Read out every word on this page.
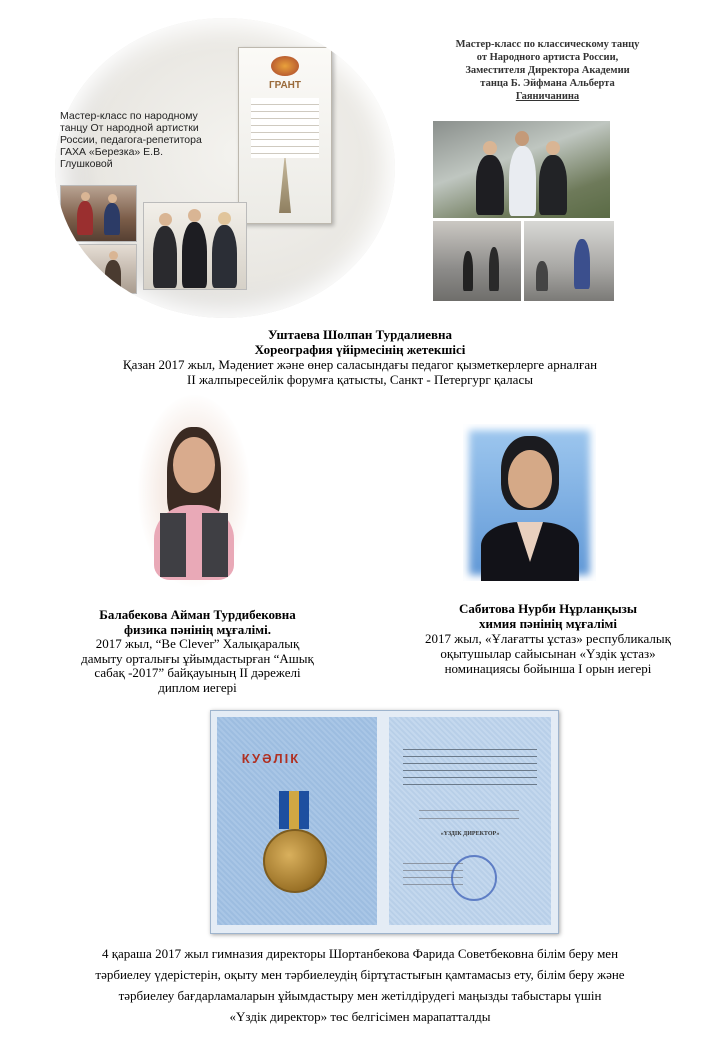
ГРАНТ
Мастер-класс по народному танцу От народной артистки России, педагога-репетитора ГАХА «Березка» Е.В. Глушковой
Мастер-класс по классическому танцу
от Народного артиста России,
Заместителя Директора Академии
танца Б. Эйфмана Альберта
Гаяничанина
Уштаева Шолпан Турдалиевна
Хореография үйірмесінің жетекшісі
Қазан 2017 жыл, Мәдениет және өнер саласындағы педагог қызметкерлерге арналған
II жалпыресейлік форумға қатысты, Санкт - Петергург қаласы
Балабекова Айман Турдибековна
физика пәнінің мұғалімі.
2017 жыл, “Be Clever” Халықаралық
дамыту орталығы ұйымдастырған “Ашық
сабақ -2017” байқауының II дәрежелі
диплом иегері
Сабитова Нурби Нұрланқызы
химия пәнінің мұғалімі
2017 жыл, «Ұлағатты ұстаз» республикалық
оқытушылар сайысынан «Үздік ұстаз»
номинациясы бойынша I орын иегері
КУӘЛІК
«ҮЗДІК ДИРЕКТОР»
4 қараша 2017 жыл гимназия директоры Шортанбекова Фарида Советбековна білім беру мен
тәрбиелеу үдерістерін, оқыту мен тәрбиелеудің біртұтастығын қамтамасыз ету, білім беру және
тәрбиелеу бағдарламаларын ұйымдастыру мен жетілдірудегі маңызды табыстары үшін
«Үздік директор» төс белгісімен марапатталды
